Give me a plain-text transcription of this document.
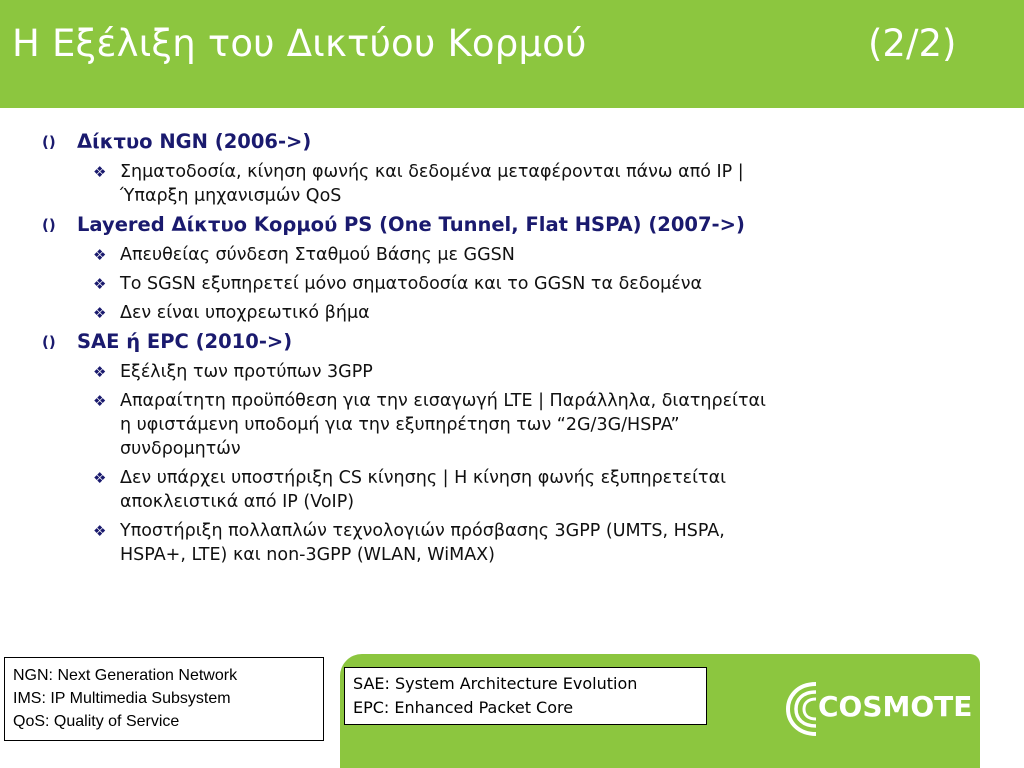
Η Εξέλιξη του Δικτύου Κορμού	(2/2)
() Δίκτυο NGN (2006->)
❖ Σηματοδοσία, κίνηση φωνής και δεδομένα μεταφέρονται πάνω από IP |
Ύπαρξη μηχανισμών QoS
() Layered Δίκτυο Κορμού PS (One Tunnel, Flat HSPA) (2007->)
❖ Απευθείας σύνδεση Σταθμού Βάσης με GGSN
❖ Το SGSN εξυπηρετεί μόνο σηματοδοσία και το GGSN τα δεδομένα
❖ Δεν είναι υποχρεωτικό βήμα
() SAE ή EPC (2010->)
❖ Εξέλιξη των προτύπων 3GPP
❖ Απαραίτητη προϋπόθεση για την εισαγωγή LTE | Παράλληλα, διατηρείται
η υφιστάμενη υποδομή για την εξυπηρέτηση των “2G/3G/HSPA”
συνδρομητών
❖ Δεν υπάρχει υποστήριξη CS κίνησης | Η κίνηση φωνής εξυπηρετείται
αποκλειστικά από IP (VoIP)
❖ Υποστήριξη πολλαπλών τεχνολογιών πρόσβασης 3GPP (UMTS, HSPA,
HSPA+, LTE) και non-3GPP (WLAN, WiMAX)
NGN: Next Generation Network
IMS: IP Multimedia Subsystem
QoS: Quality of Service
SAE: System Architecture Evolution
EPC: Enhanced Packet Core	COSMOTE
